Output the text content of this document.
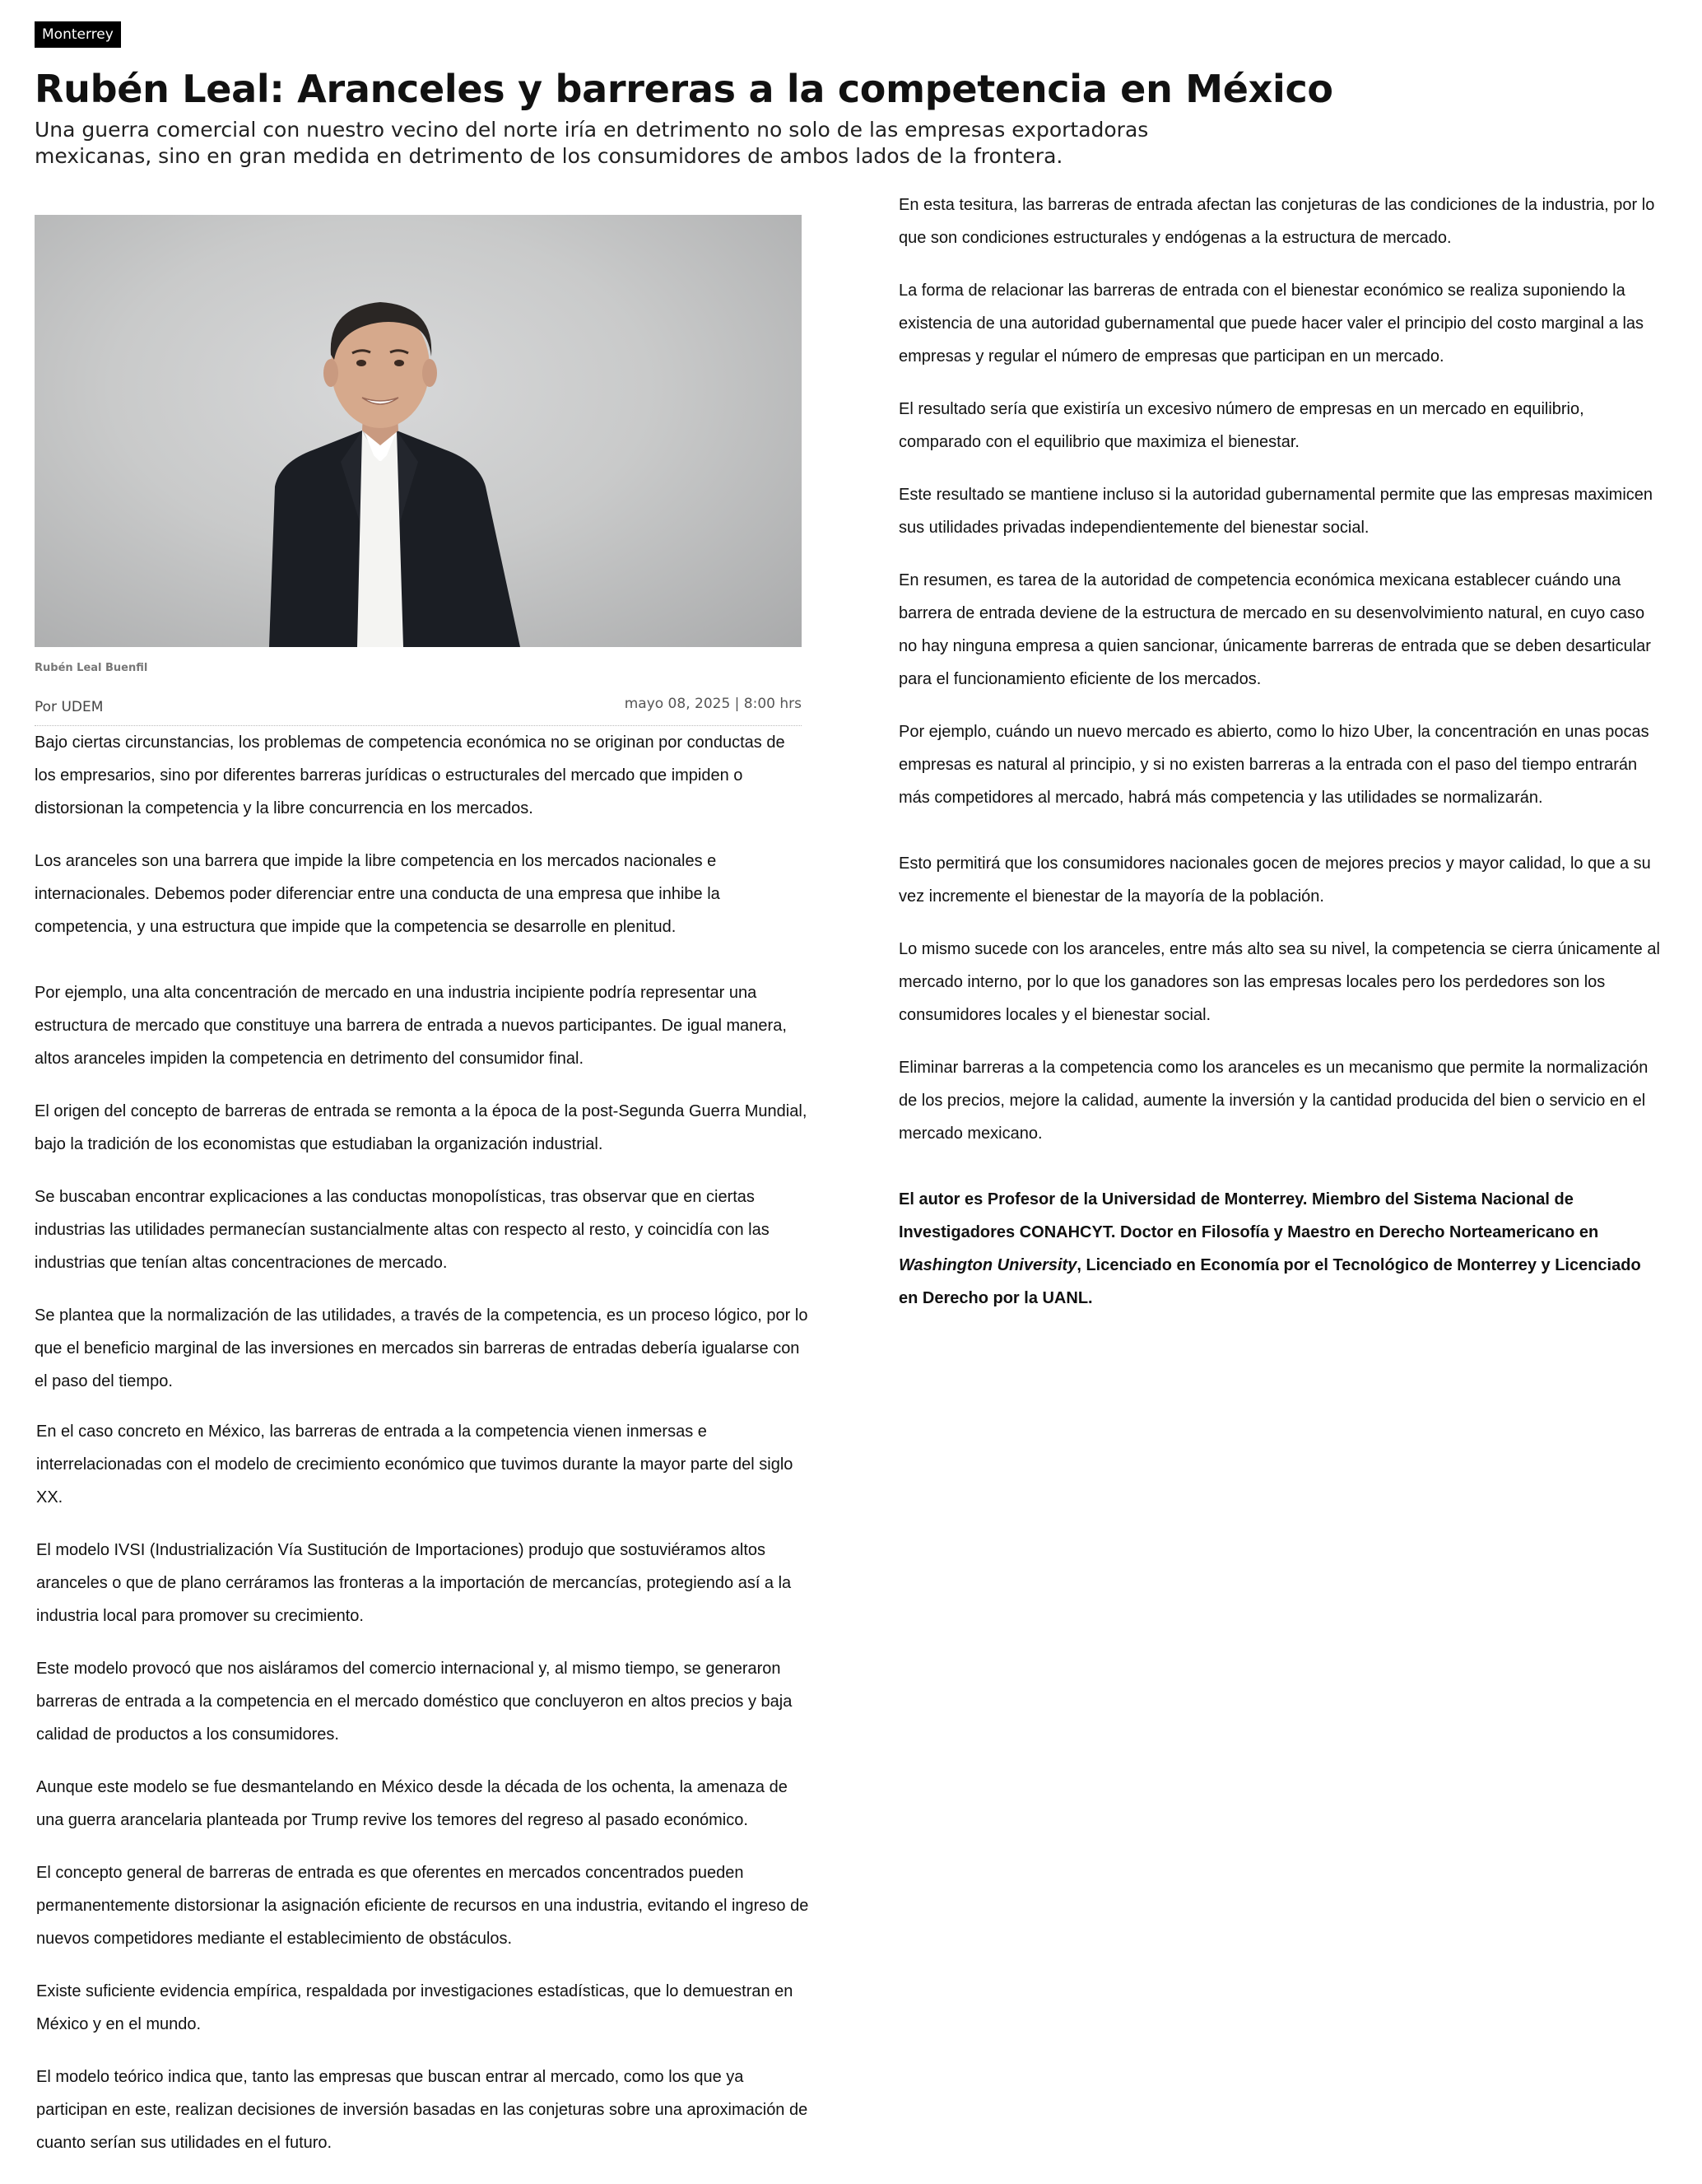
Monterrey
Rubén Leal: Aranceles y barreras a la competencia en México

Una guerra comercial con nuestro vecino del norte iría en detrimento no solo de las empresas exportadoras mexicanas, sino en gran medida en detrimento de los consumidores de ambos lados de la frontera.

Rubén Leal Buenfil
Por UDEM	mayo 08, 2025 | 8:00 hrs

Bajo ciertas circunstancias, los problemas de competencia económica no se originan por conductas de los empresarios, sino por diferentes barreras jurídicas o estructurales del mercado que impiden o distorsionan la competencia y la libre concurrencia en los mercados.

Los aranceles son una barrera que impide la libre competencia en los mercados nacionales e internacionales. Debemos poder diferenciar entre una conducta de una empresa que inhibe la competencia, y una estructura que impide que la competencia se desarrolle en plenitud.

Por ejemplo, una alta concentración de mercado en una industria incipiente podría representar una estructura de mercado que constituye una barrera de entrada a nuevos participantes. De igual manera, altos aranceles impiden la competencia en detrimento del consumidor final.

El origen del concepto de barreras de entrada se remonta a la época de la post-Segunda Guerra Mundial, bajo la tradición de los economistas que estudiaban la organización industrial.

Se buscaban encontrar explicaciones a las conductas monopolísticas, tras observar que en ciertas industrias las utilidades permanecían sustancialmente altas con respecto al resto, y coincidía con las industrias que tenían altas concentraciones de mercado.

Se plantea que la normalización de las utilidades, a través de la competencia, es un proceso lógico, por lo que el beneficio marginal de las inversiones en mercados sin barreras de entradas debería igualarse con el paso del tiempo.

En el caso concreto en México, las barreras de entrada a la competencia vienen inmersas e interrelacionadas con el modelo de crecimiento económico que tuvimos durante la mayor parte del siglo XX.

El modelo IVSI (Industrialización Vía Sustitución de Importaciones) produjo que sostuviéramos altos aranceles o que de plano cerráramos las fronteras a la importación de mercancías, protegiendo así a la industria local para promover su crecimiento.

Este modelo provocó que nos aisláramos del comercio internacional y, al mismo tiempo, se generaron barreras de entrada a la competencia en el mercado doméstico que concluyeron en altos precios y baja calidad de productos a los consumidores.

Aunque este modelo se fue desmantelando en México desde la década de los ochenta, la amenaza de una guerra arancelaria planteada por Trump revive los temores del regreso al pasado económico.

El concepto general de barreras de entrada es que oferentes en mercados concentrados pueden permanentemente distorsionar la asignación eficiente de recursos en una industria, evitando el ingreso de nuevos competidores mediante el establecimiento de obstáculos.

Existe suficiente evidencia empírica, respaldada por investigaciones estadísticas, que lo demuestran en México y en el mundo.

El modelo teórico indica que, tanto las empresas que buscan entrar al mercado, como los que ya participan en este, realizan decisiones de inversión basadas en las conjeturas sobre una aproximación de cuanto serían sus utilidades en el futuro.

En esta tesitura, las barreras de entrada afectan las conjeturas de las condiciones de la industria, por lo que son condiciones estructurales y endógenas a la estructura de mercado.

La forma de relacionar las barreras de entrada con el bienestar económico se realiza suponiendo la existencia de una autoridad gubernamental que puede hacer valer el principio del costo marginal a las empresas y regular el número de empresas que participan en un mercado.

El resultado sería que existiría un excesivo número de empresas en un mercado en equilibrio, comparado con el equilibrio que maximiza el bienestar.

Este resultado se mantiene incluso si la autoridad gubernamental permite que las empresas maximicen sus utilidades privadas independientemente del bienestar social.

En resumen, es tarea de la autoridad de competencia económica mexicana establecer cuándo una barrera de entrada deviene de la estructura de mercado en su desenvolvimiento natural, en cuyo caso no hay ninguna empresa a quien sancionar, únicamente barreras de entrada que se deben desarticular para el funcionamiento eficiente de los mercados.

Por ejemplo, cuándo un nuevo mercado es abierto, como lo hizo Uber, la concentración en unas pocas empresas es natural al principio, y si no existen barreras a la entrada con el paso del tiempo entrarán más competidores al mercado, habrá más competencia y las utilidades se normalizarán.

Esto permitirá que los consumidores nacionales gocen de mejores precios y mayor calidad, lo que a su vez incremente el bienestar de la mayoría de la población.

Lo mismo sucede con los aranceles, entre más alto sea su nivel, la competencia se cierra únicamente al mercado interno, por lo que los ganadores son las empresas locales pero los perdedores son los consumidores locales y el bienestar social.

Eliminar barreras a la competencia como los aranceles es un mecanismo que permite la normalización de los precios, mejore la calidad, aumente la inversión y la cantidad producida del bien o servicio en el mercado mexicano.

El autor es Profesor de la Universidad de Monterrey. Miembro del Sistema Nacional de Investigadores CONAHCYT. Doctor en Filosofía y Maestro en Derecho Norteamericano en Washington University, Licenciado en Economía por el Tecnológico de Monterrey y Licenciado en Derecho por la UANL.
